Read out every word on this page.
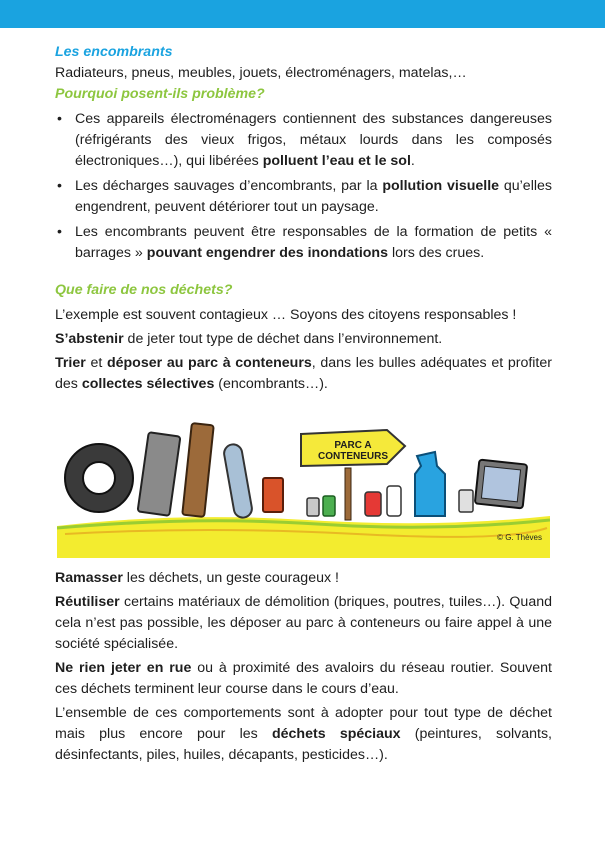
Les encombrants

Radiateurs, pneus, meubles, jouets, électroménagers, matelas,…

Pourquoi posent-ils problème?
• Ces appareils électroménagers contiennent des substances dangereuses (réfrigérants des vieux frigos, métaux lourds dans les composés électroniques…), qui libérées polluent l’eau et le sol.
• Les décharges sauvages d’encombrants, par la pollution visuelle qu’elles engendrent, peuvent détériorer tout un paysage.
• Les encombrants peuvent être responsables de la formation de petits « barrages » pouvant engendrer des inondations lors des crues.
Que faire de nos déchets?

L’exemple est souvent contagieux … Soyons des citoyens responsables !

S’abstenir de jeter tout type de déchet dans l’environnement.

Trier et déposer au parc à conteneurs, dans les bulles adéquates et profiter des collectes sélectives (encombrants…).

PARC A
CONTENEURS
© G. Thèves

Ramasser les déchets, un geste courageux !

Réutiliser certains matériaux de démolition (briques, poutres, tuiles…). Quand cela n’est pas possible, les déposer au parc à conteneurs ou faire appel à une société spécialisée.

Ne rien jeter en rue ou à proximité des avaloirs du réseau routier. Souvent ces déchets terminent leur course dans le cours d’eau.

L’ensemble de ces comportements sont à adopter pour tout type de déchet mais plus encore pour les déchets spéciaux (peintures, solvants, désinfectants, piles, huiles, décapants, pesticides…).
